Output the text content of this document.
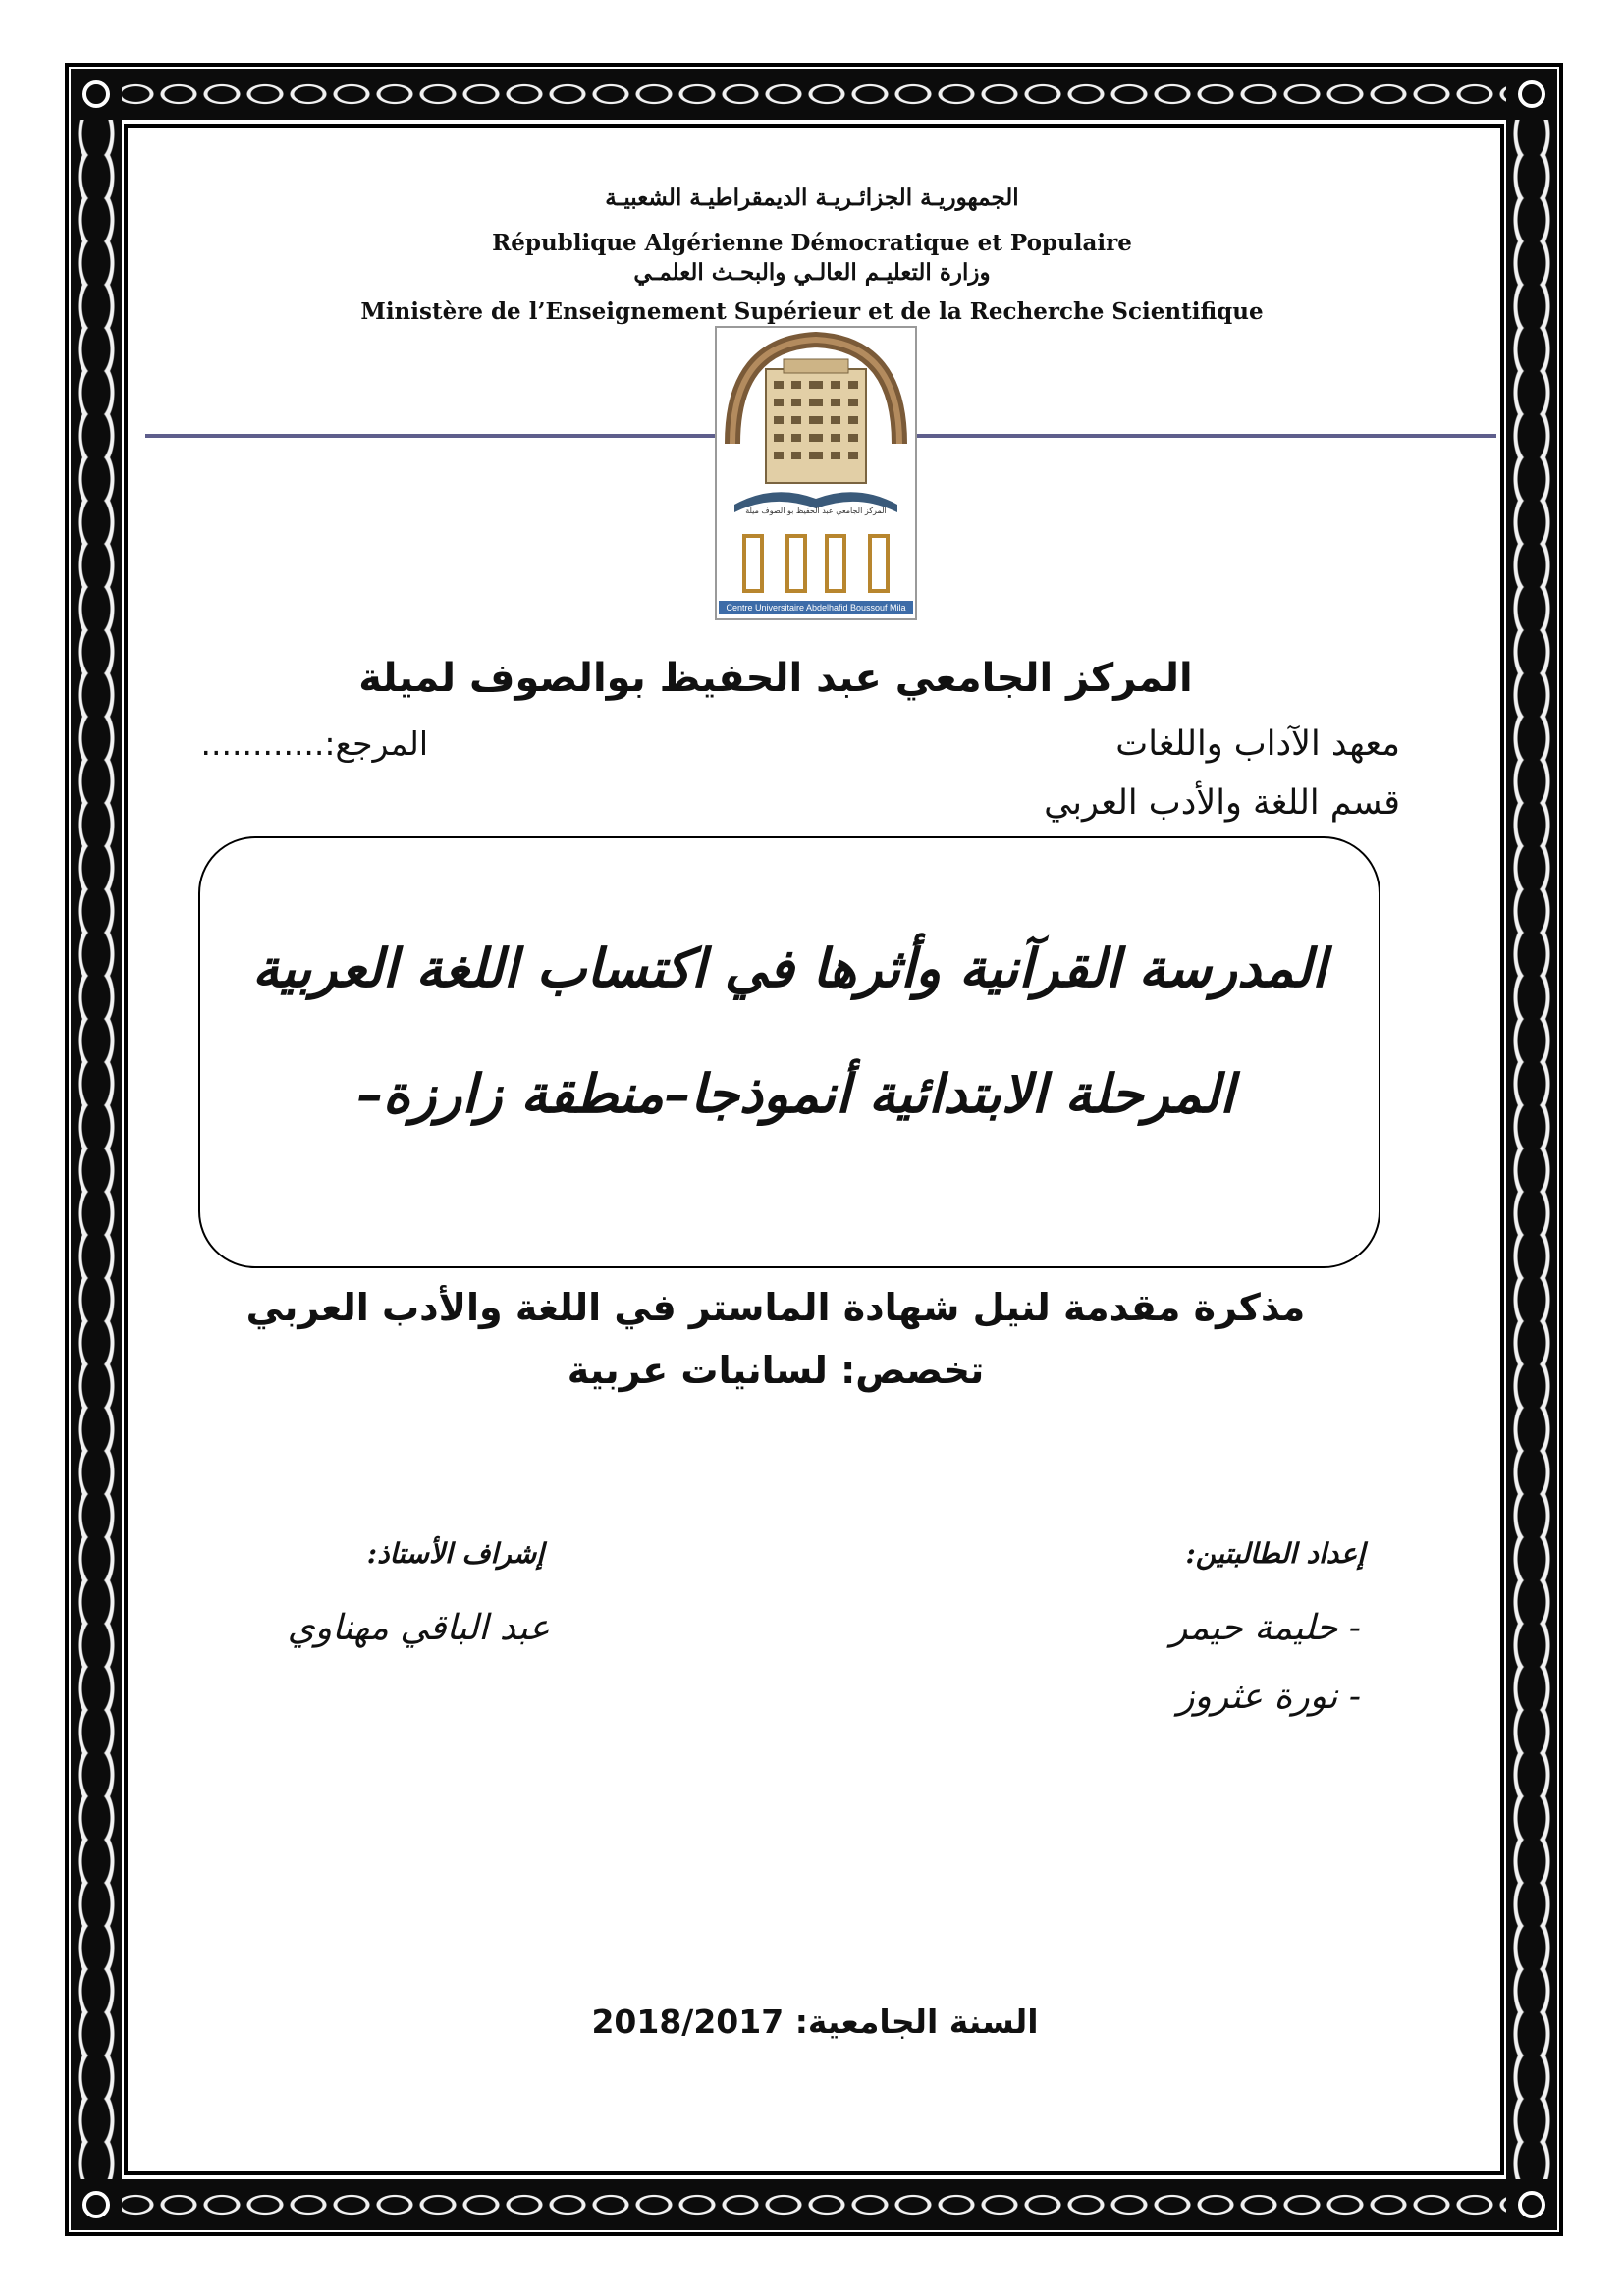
الجمهوريـة الجزائـريـة الديمقراطيـة الشعبيـة
République Algérienne Démocratique et Populaire
وزارة التعليـم العالـي والبحـث العلمـي
Ministère de l’Enseignement Supérieur et de la Recherche Scientifique
المركز الجامعي عبد الحفيظ بو الصوف ميلة
Centre Universitaire Abdelhafid Boussouf Mila
المركز الجامعي عبد الحفيظ بوالصوف لميلة
معهد الآداب واللغات
المرجع:............
قسم اللغة والأدب العربي
المدرسة القرآنية وأثرها في اكتساب اللغة العربية
المرحلة الابتدائية أنموذجا–منطقة زارزة–
مذكرة مقدمة لنيل شهادة الماستر في اللغة والأدب العربي
تخصص: لسانيات عربية
إعداد الطالبتين:
- حليمة حيمر
- نورة عثروز
إشراف الأستاذ:
عبد الباقي مهناوي
السنة الجامعية: 2018/2017
